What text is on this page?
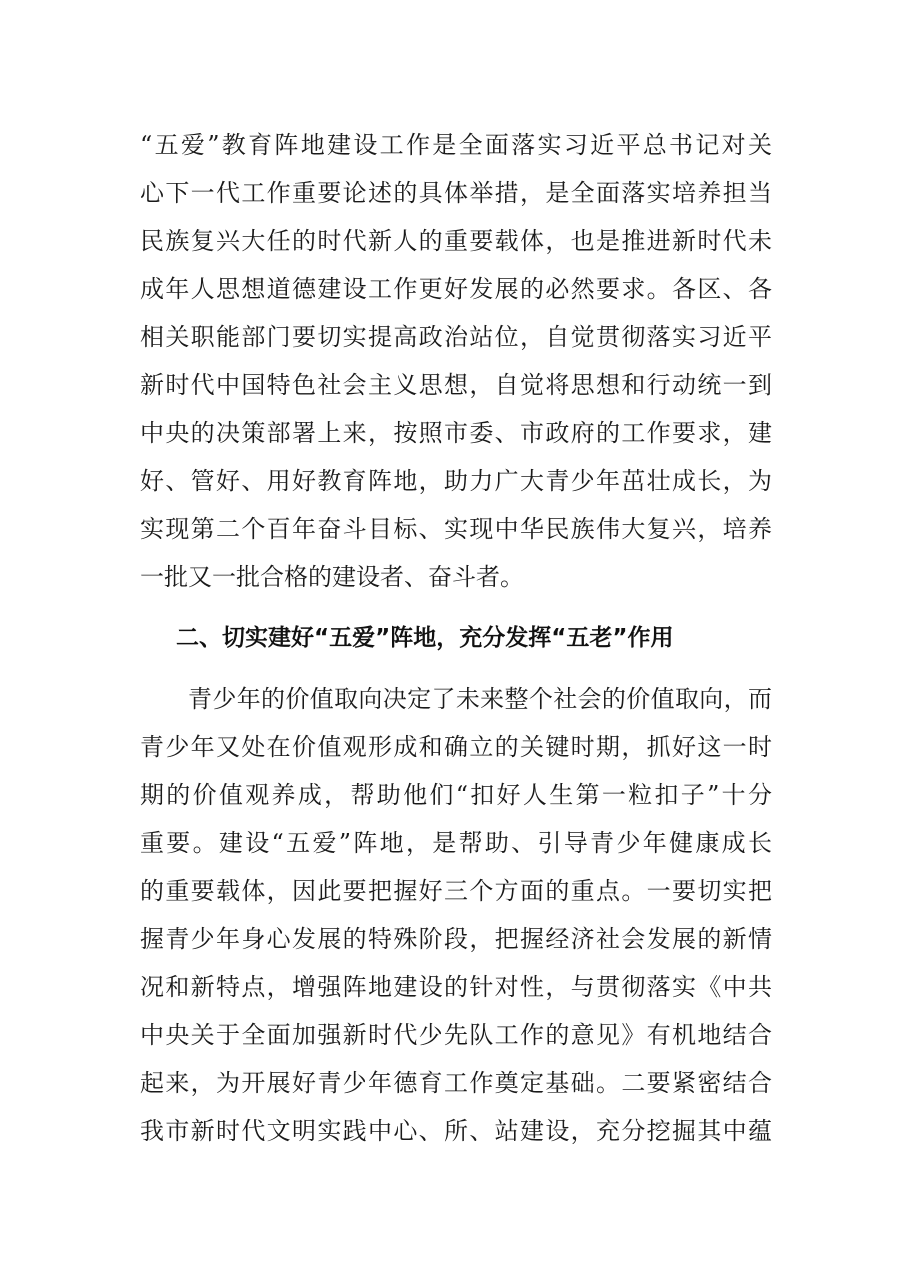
“五爱”教育阵地建设工作是全面落实习近平总书记对关
心下一代工作重要论述的具体举措，是全面落实培养担当
民族复兴大任的时代新人的重要载体，也是推进新时代未
成年人思想道德建设工作更好发展的必然要求。各区、各
相关职能部门要切实提高政治站位，自觉贯彻落实习近平
新时代中国特色社会主义思想，自觉将思想和行动统一到
中央的决策部署上来，按照市委、市政府的工作要求，建
好、管好、用好教育阵地，助力广大青少年茁壮成长，为
实现第二个百年奋斗目标、实现中华民族伟大复兴，培养
一批又一批合格的建设者、奋斗者。
二、切实建好“五爱”阵地，充分发挥“五老”作用
青少年的价值取向决定了未来整个社会的价值取向，而
青少年又处在价值观形成和确立的关键时期，抓好这一时
期的价值观养成，帮助他们“扣好人生第一粒扣子”十分
重要。建设“五爱”阵地，是帮助、引导青少年健康成长
的重要载体，因此要把握好三个方面的重点。一要切实把
握青少年身心发展的特殊阶段，把握经济社会发展的新情
况和新特点，增强阵地建设的针对性，与贯彻落实《中共
中央关于全面加强新时代少先队工作的意见》有机地结合
起来，为开展好青少年德育工作奠定基础。二要紧密结合
我市新时代文明实践中心、所、站建设，充分挖掘其中蕴
